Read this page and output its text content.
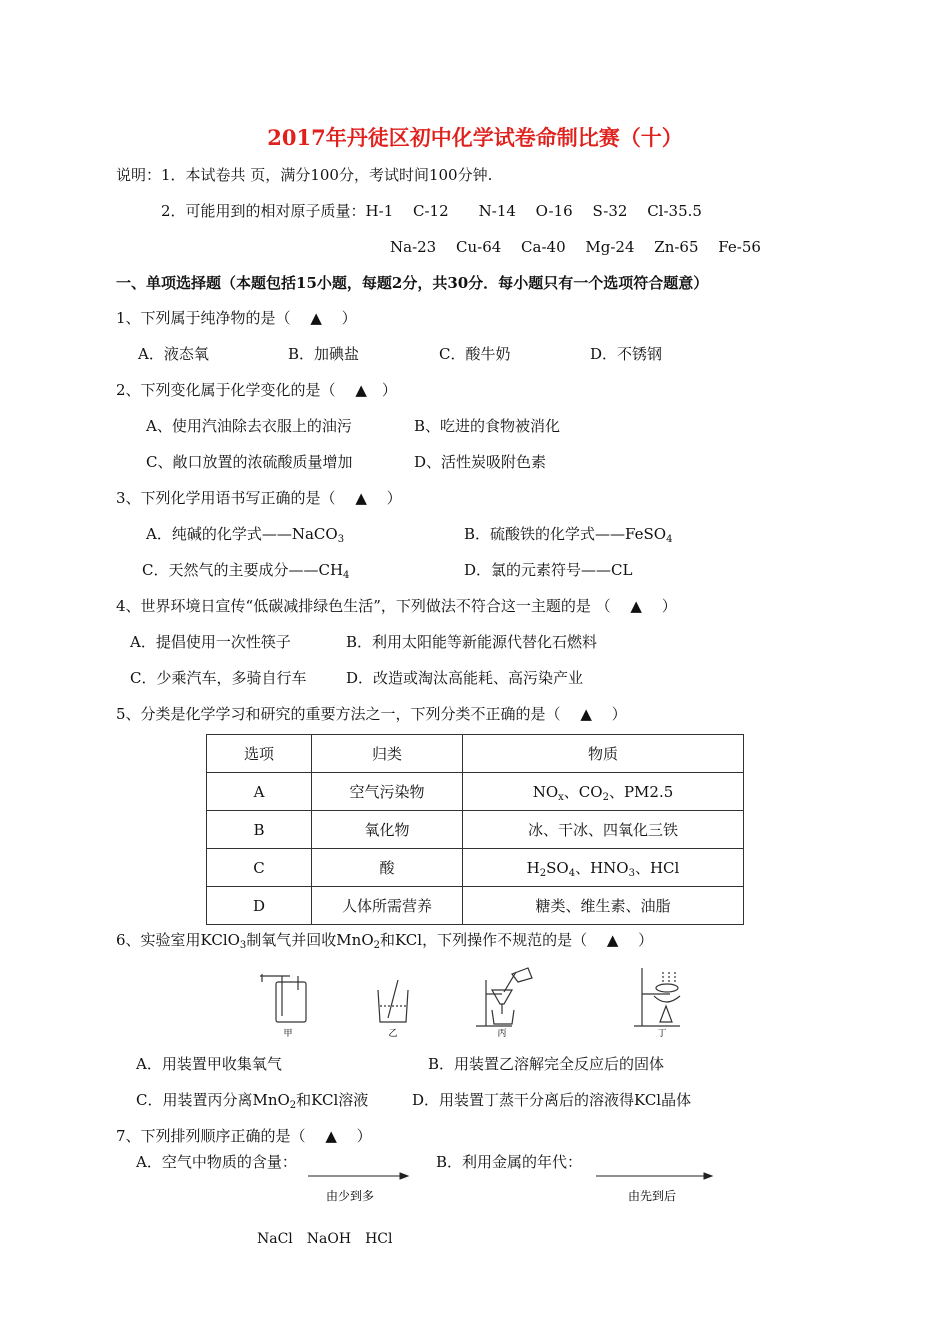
2017年丹徒区初中化学试卷命制比赛（十）
说明：1．本试卷共 页，满分100分，考试时间100分钟.
2．可能用到的相对原子质量：H-1　 C-12　　N-14　 O-16　 S-32　 Cl-35.5
Na-23　 Cu-64　 Ca-40　 Mg-24　 Zn-65　 Fe-56
一、单项选择题（本题包括15小题，每题2分，共30分．每小题只有一个选项符合题意）
1、下列属于纯净物的是（　 ▲　 ）
A．液态氧	B．加碘盐	C．酸牛奶	D．不锈钢
2、下列变化属于化学变化的是（　 ▲　）
A、使用汽油除去衣服上的油污	B、吃进的食物被消化
C、敞口放置的浓硫酸质量增加	D、活性炭吸附色素
3、下列化学用语书写正确的是（　 ▲　 ）
A．纯碱的化学式——NaCO$_3$	B．硫酸铁的化学式——FeSO$_4$
C．天然气的主要成分$——CH_4$	D．氯的元素符号——CL
4、世界环境日宣传“低碳减排绿色生活”，下列做法不符合这一主题的是 （　 ▲　 ）
A．提倡使用一次性筷子	B．利用太阳能等新能源代替化石燃料
C．少乘汽车，多骑自行车	D．改造或淘汰高能耗、高污染产业
5、分类是化学学习和研究的重要方法之一，下列分类不正确的是（　 ▲　 ）
选项	归类	物质
A	空气污染物	$NO_x$、$CO_2$、PM2.5
B	氧化物	冰、干冰、四氧化三铁
C	酸	$H_2SO_4$、$HNO_3$、HCl
D	人体所需营养	糖类、维生素、油脂
6、实验室用KClO$_3$制氧气并回收MnO$_2$和KCl，下列操作不规范的是（　 ▲　 ）
甲	乙	丙	丁
A．用装置甲收集氧气	B．用装置乙溶解完全反应后的固体
C．用装置丙分离MnO$_2$和KCl溶液	D．用装置丁蒸干分离后的溶液得KCl晶体
7、下列排列顺序正确的是（　 ▲　 ）
A．空气中物质的含量：	B．利用金属的年代：
由少到多	由先到后
NaCl　NaOH　HCl
